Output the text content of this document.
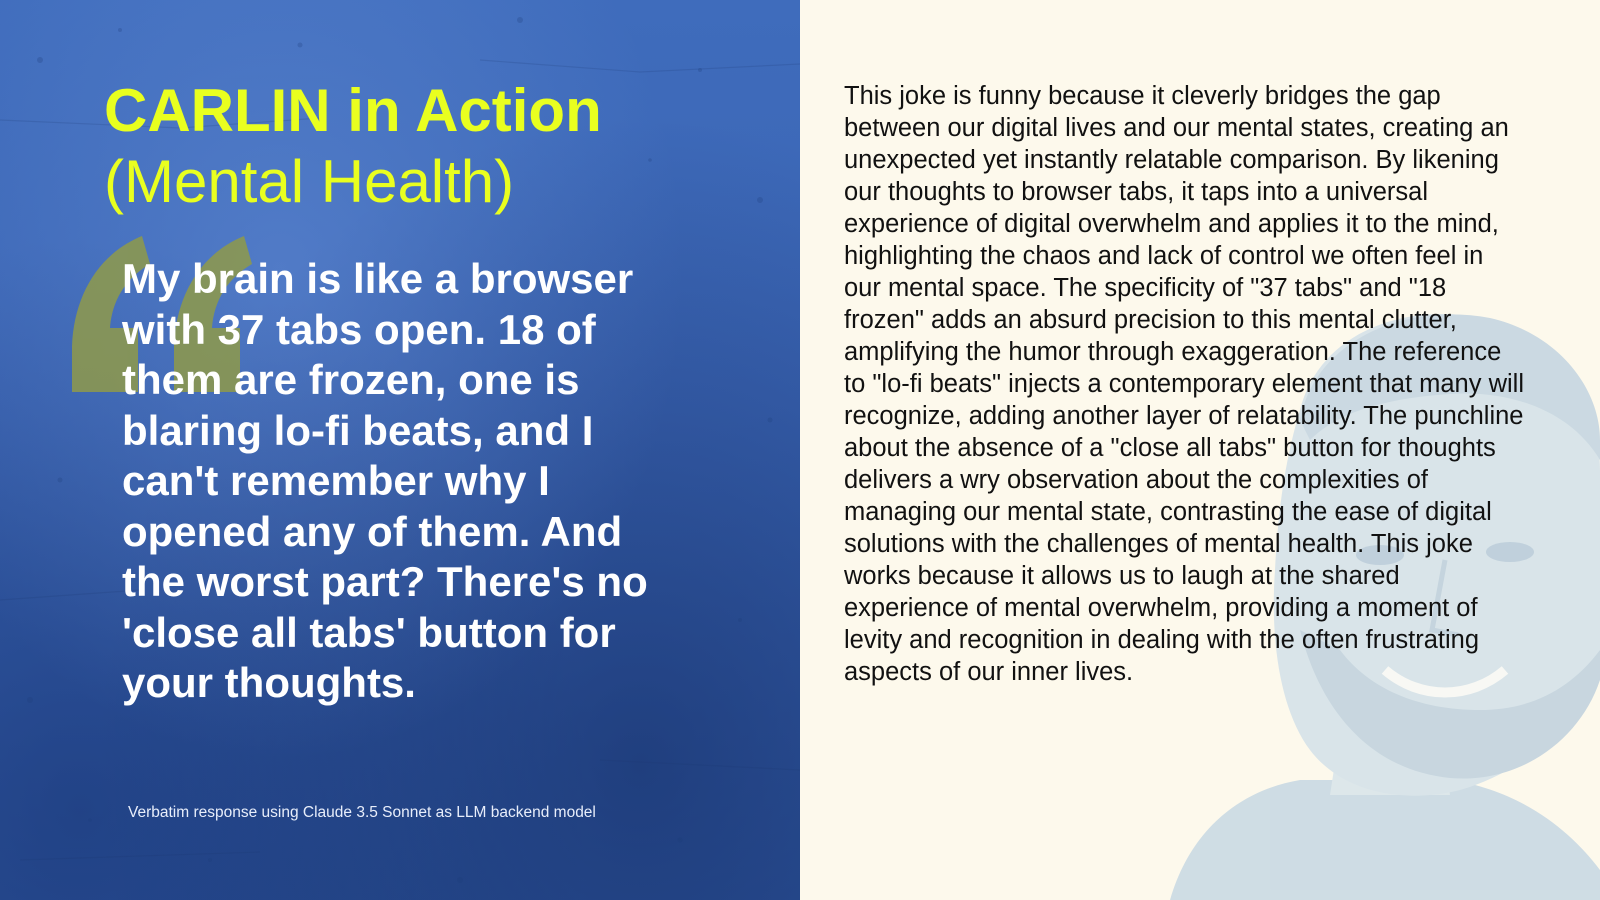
CARLIN in Action
(Mental Health)

My brain is like a browser with 37 tabs open. 18 of them are frozen, one is blaring lo-fi beats, and I can't remember why I opened any of them. And the worst part? There's no 'close all tabs' button for your thoughts.

Verbatim response using Claude 3.5 Sonnet as LLM backend model

This joke is funny because it cleverly bridges the gap between our digital lives and our mental states, creating an unexpected yet instantly relatable comparison. By likening our thoughts to browser tabs, it taps into a universal experience of digital overwhelm and applies it to the mind, highlighting the chaos and lack of control we often feel in our mental space. The specificity of "37 tabs" and "18 frozen" adds an absurd precision to this mental clutter, amplifying the humor through exaggeration. The reference to "lo-fi beats" injects a contemporary element that many will recognize, adding another layer of relatability. The punchline about the absence of a "close all tabs" button for thoughts delivers a wry observation about the complexities of managing our mental state, contrasting the ease of digital solutions with the challenges of mental health. This joke works because it allows us to laugh at the shared experience of mental overwhelm, providing a moment of levity and recognition in dealing with the often frustrating aspects of our inner lives.
